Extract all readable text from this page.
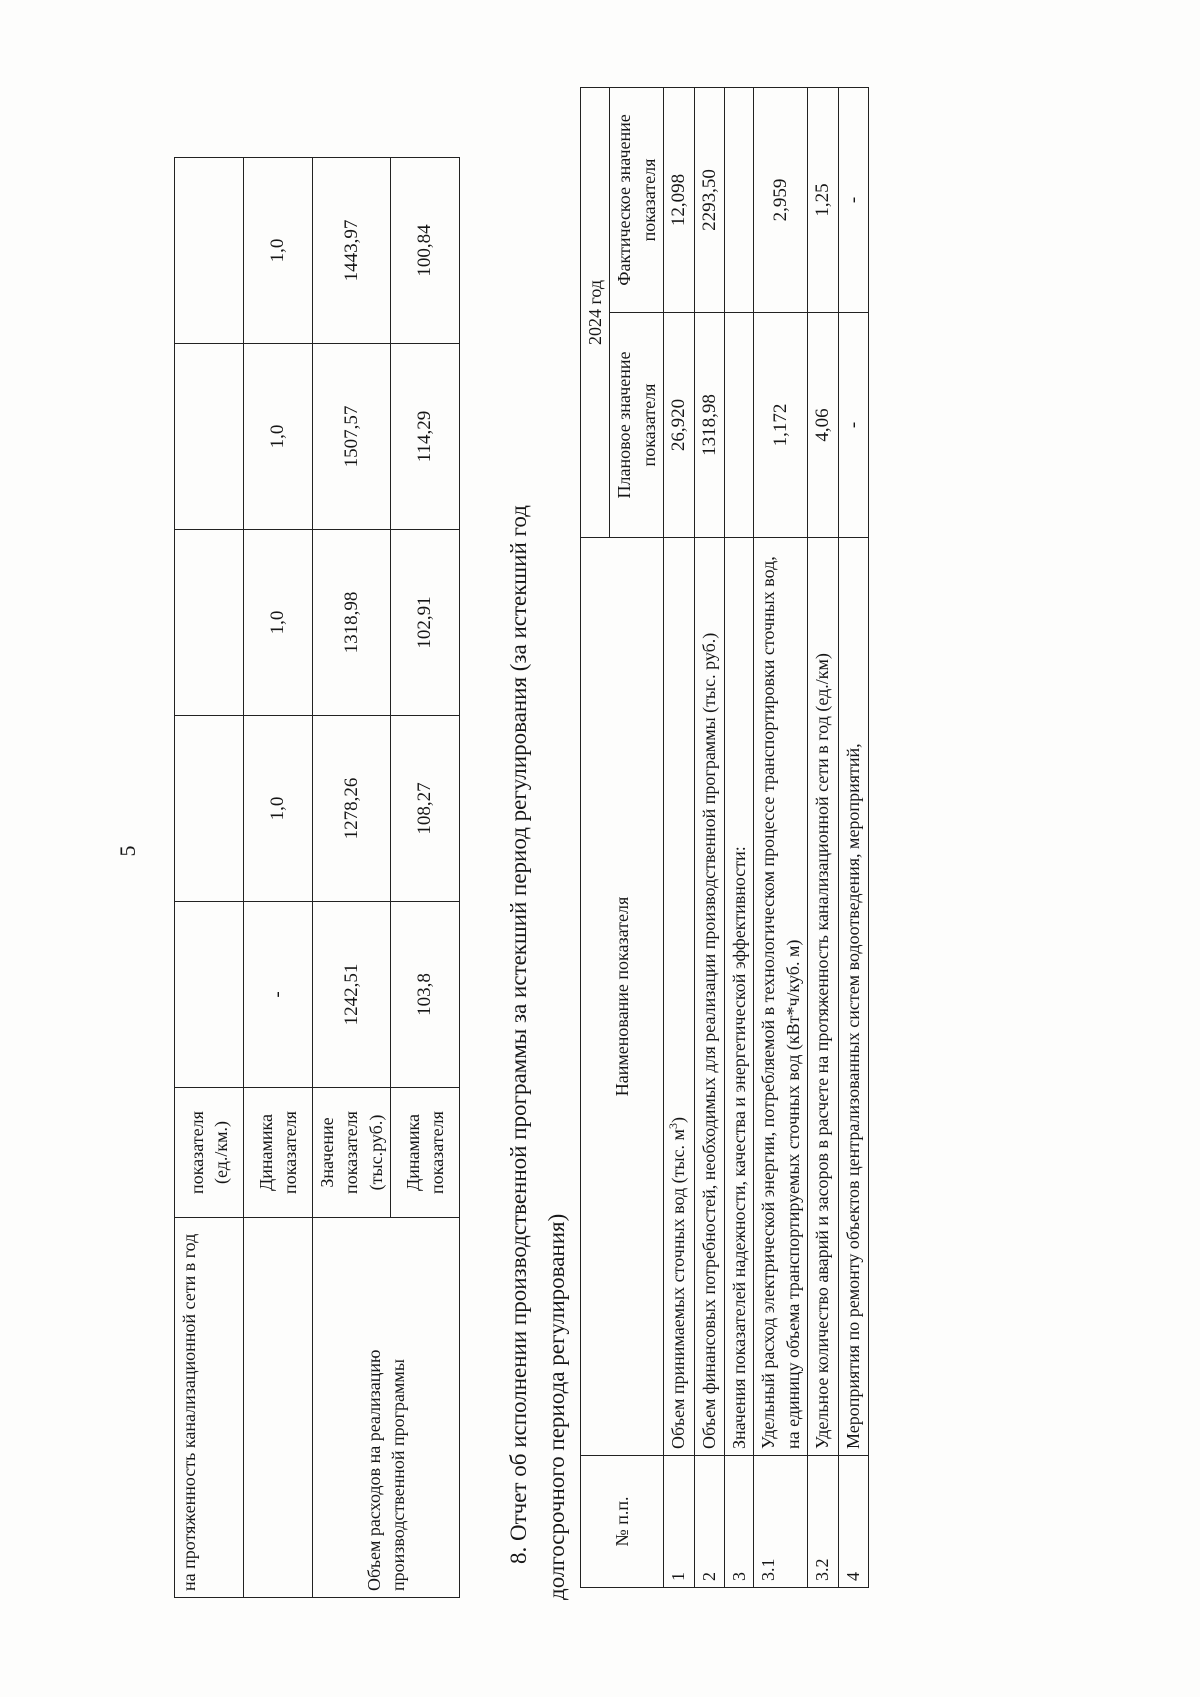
5
на протяженность канализационной сети в год	показателя (ед./км.)					
	Динамика показателя	-	1,0	1,0	1,0	1,0
Объем расходов на реализацию производственной программы	Значение показателя (тыс.руб.)	1242,51	1278,26	1318,98	1507,57	1443,97
	Динамика показателя	103,8	108,27	102,91	114,29	100,84
8. Отчет об исполнении производственной программы за истекший период регулирования (за истекший год долгосрочного периода регулирования)	№ п.п.	Наименование показателя	2024 год	
		Плановое значение показателя	Фактическое значение показателя
1	Объем принимаемых сточных вод (тыс. $м^3$)	26,920	12,098
2	Объем финансовых потребностей, необходимых для реализации производственной программы (тыс. руб.)	1318,98	2293,50
3	Значения показателей надежности, качества и энергетической эффективности:		
3.1	Удельный расход электрической энергии, потребляемой в технологическом процессе транспортировки сточных вод, на единицу объема транспортируемых сточных вод (кВт*ч/куб. м)	1,172	2,959
3.2	Удельное количество аварий и засоров в расчете на протяженность канализационной сети в год (ед./км)	4,06	1,25
4	Мероприятия по ремонту объектов централизованных систем водоотведения, мероприятий,	-	-
